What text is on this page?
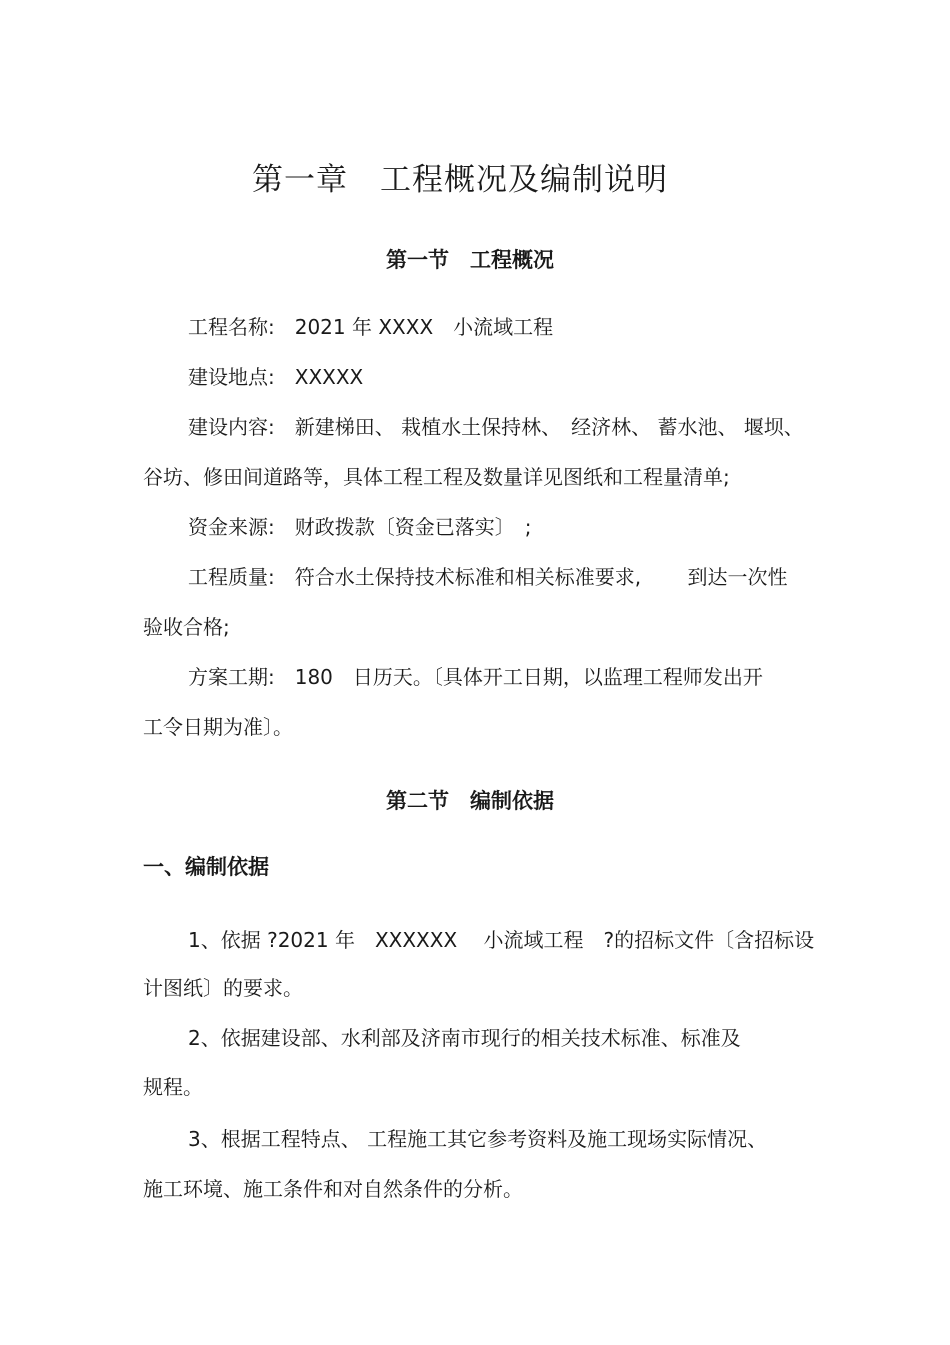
第一章　工程概况及编制说明
第一节　工程概况

工程名称:　2021 年 XXXX　小流域工程

建设地点:　XXXXX

建设内容:　新建梯田、 栽植水土保持林、　经济林、 蓄水池、 堰坝、

谷坊、修田间道路等，具体工程工程及数量详见图纸和工程量清单;

资金来源:　财政拨款〔资金已落实〕　;

工程质量:　符合水土保持技术标准和相关标准要求,　　 到达一次性

验收合格;

方案工期:　180　日历天。〔具体开工日期，以监理工程师发出开

工令日期为准〕。

第二节　编制依据
一、编制依据

1、依据 ?2021 年　XXXXXX　 小流域工程　?的招标文件〔含招标设

计图纸〕的要求。

2、依据建设部、水利部及济南市现行的相关技术标准、标准及

规程。

3、根据工程特点、 工程施工其它参考资料及施工现场实际情况、

施工环境、施工条件和对自然条件的分析。
